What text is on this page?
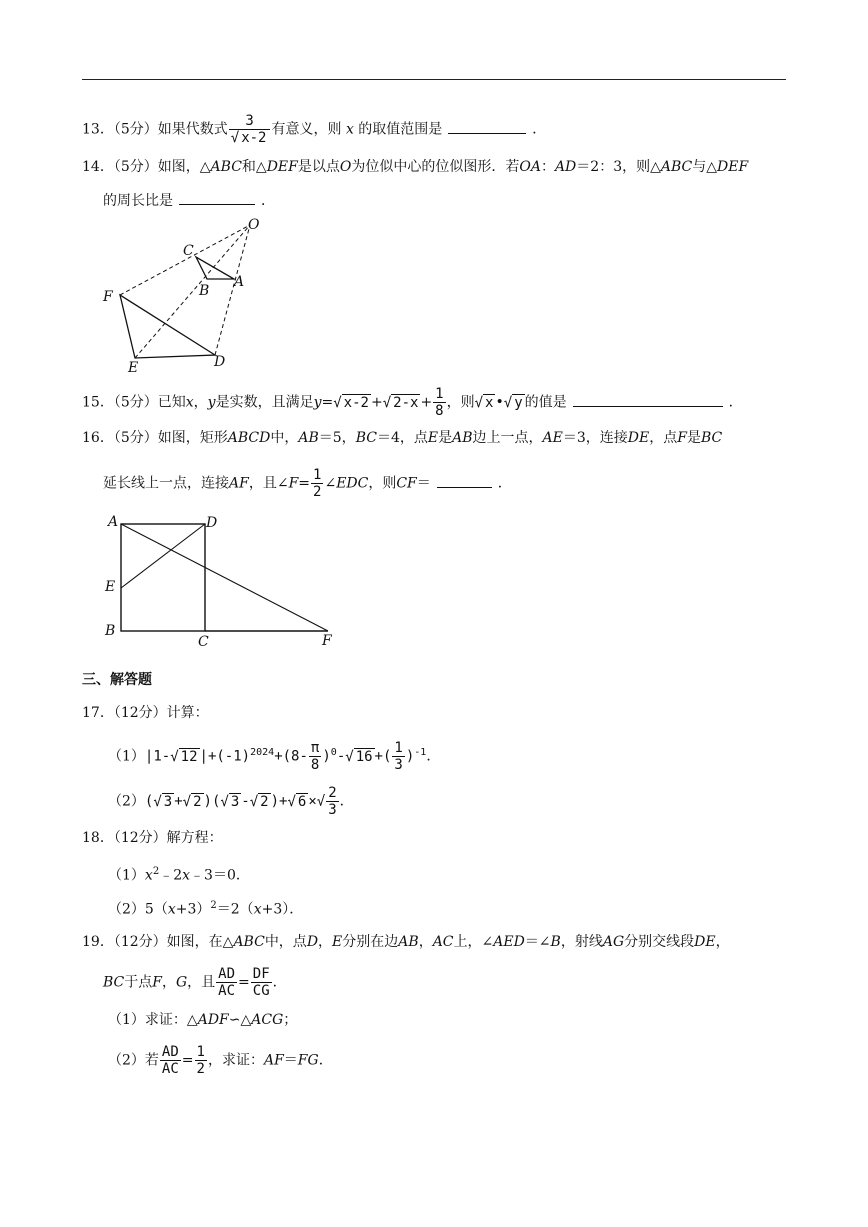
13．（5分）如果代数式 $\frac{3}{√ x-2}$ 有意义，则 x 的取值范围是	．
14．（5分）如图，△ABC和△DEF是以点O为位似中心的位似图形．若OA：AD＝2：3，则△ABC与△DEF
的周长比是	．
O
C
B
A
F
E	D
15．（5分）已知x，y是实数，且满足y=√ x-2 +√ $2-x + \frac{1}{8}$ ，则√ x •√ y 的值是	．
16．（5分）如图，矩形ABCD中，AB＝5，BC＝4，点E是AB边上一点，AE＝3，连接DE，点F是BC
延长线上一点，连接AF，且∠F= $\frac{1}{2}$ ∠EDC，则CF＝	．
A	D
E
B
C	F
三、解答题
17．（12分）计算：
（1）|1-√ 12 $|+(-1)^{2024}+(8- \frac{\pi}{8} )^0-√$ 16 +( $\frac{1}{3} )^{-1}$．
（2）(√ 3 +√ 2 )(√ 3 -√ 2 )+√ 6 ×√ $\frac{2}{3}$ ．
18．（12分）解方程：
$(1)x^2﹣2x﹣3=0$．
$(2)5(x+3)^2=2(x+3)$．
19．（12分）如图，在△ABC中，点D，E分别在边AB，AC上，∠AED＝∠B，射线AG分别交线段DE，
BC于点F，G，且 $\frac{AD}{AC} = \frac{DF}{CG}$ ．
（1）求证：△ADF∽△ACG；
（2）若 $\frac{AD}{AC} = \frac{1}{2}$ ，求证：AF＝FG．
